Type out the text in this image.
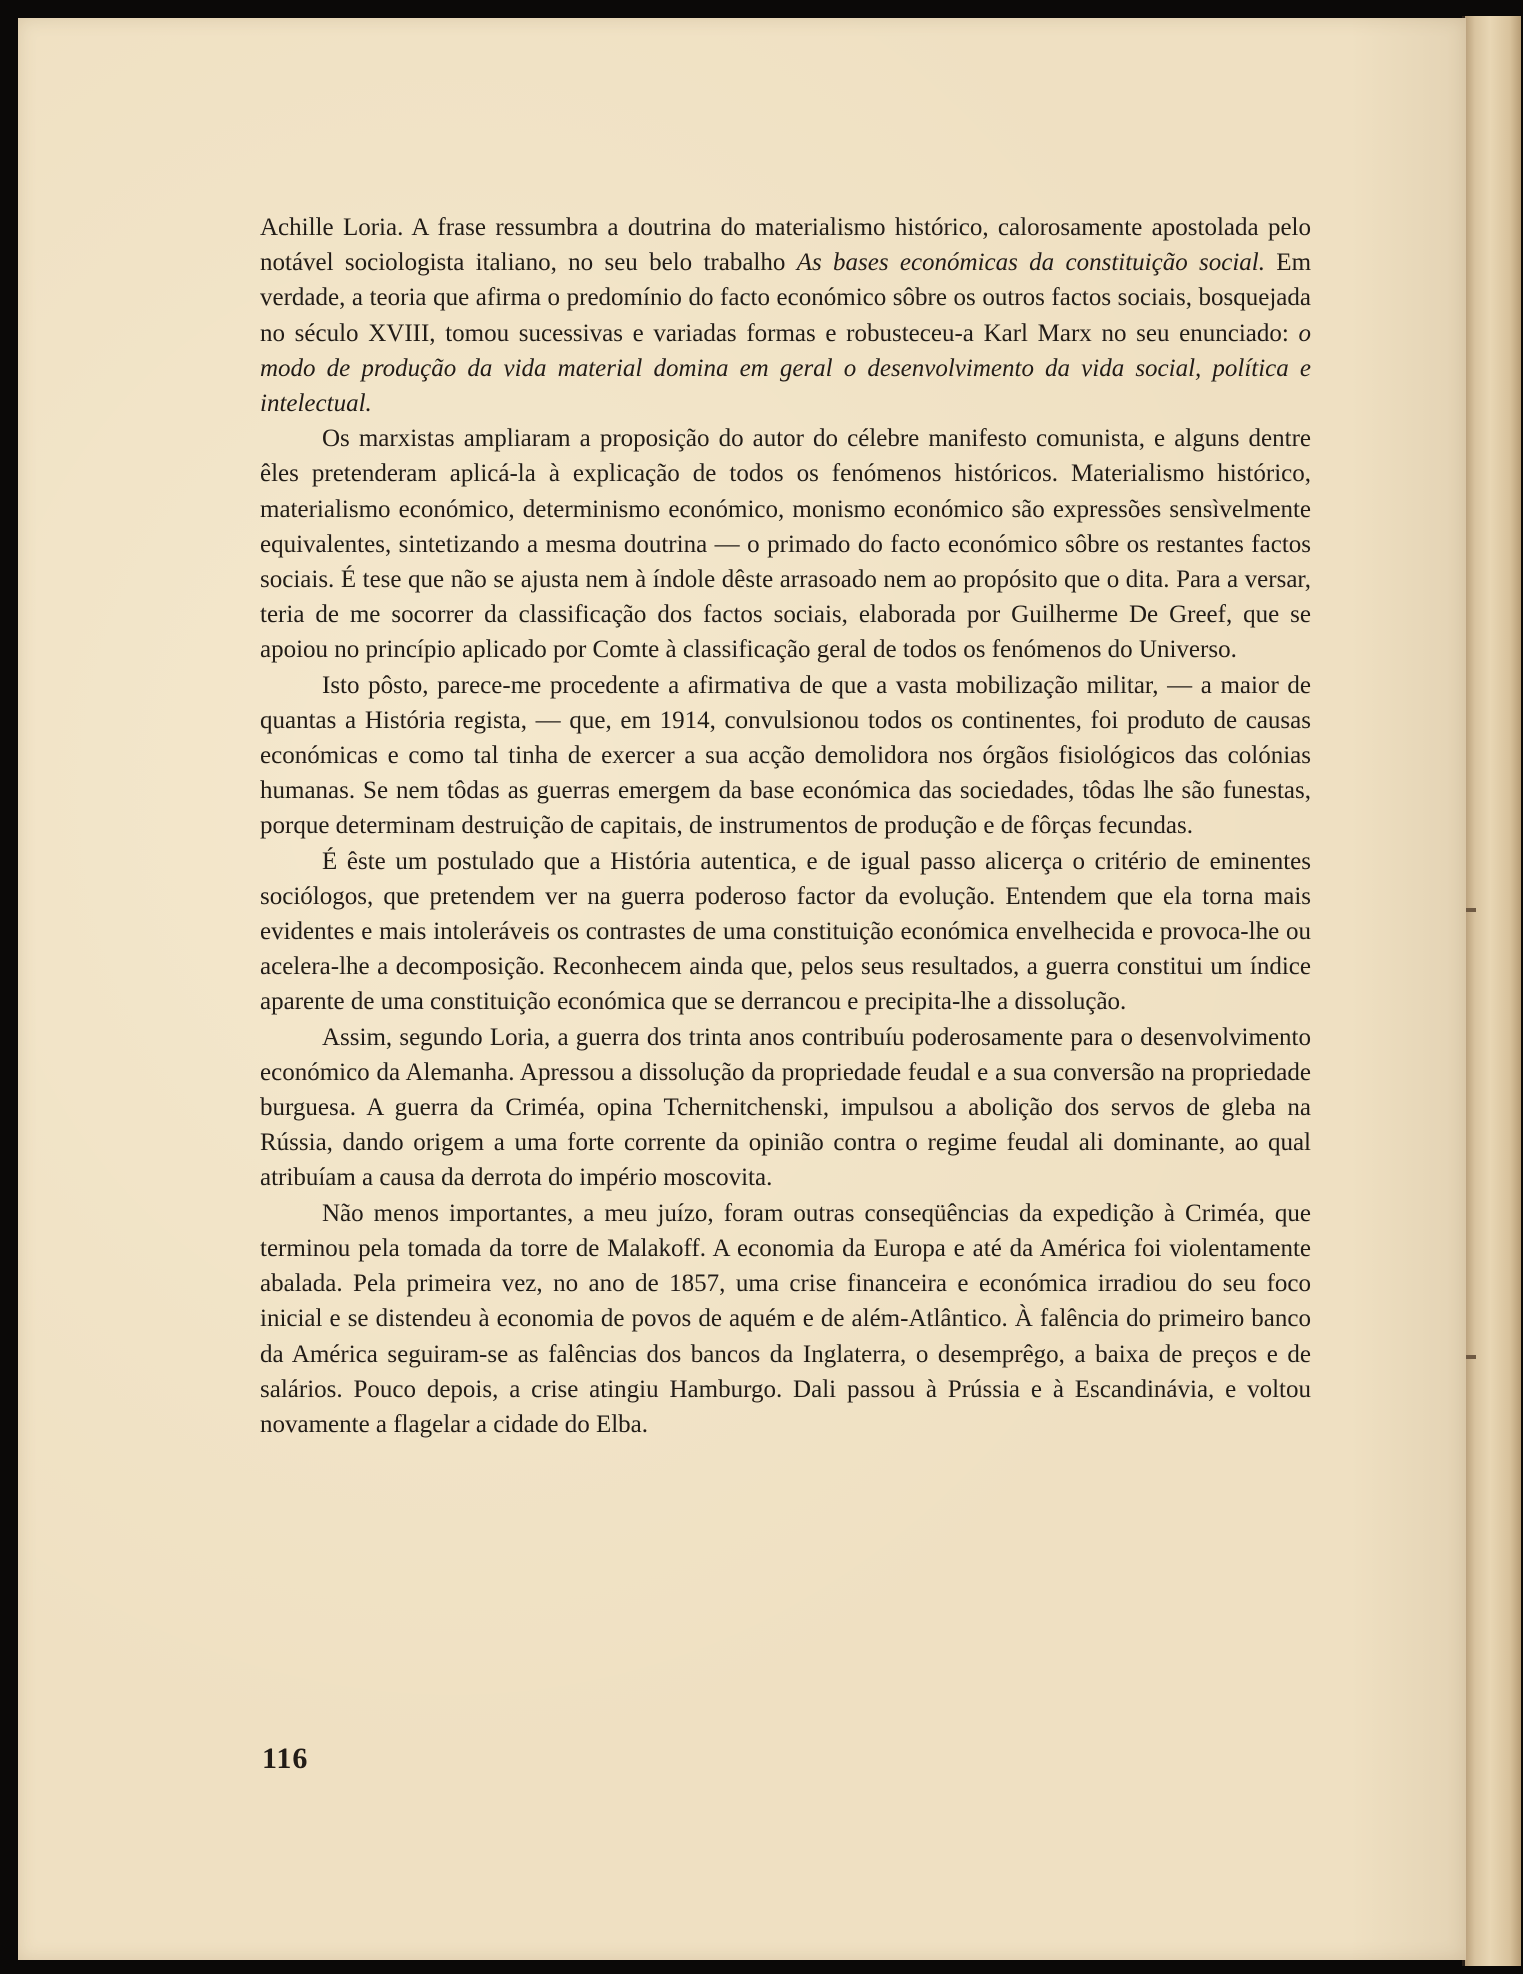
Achille Loria. A frase ressumbra a doutrina do materialismo histórico, calorosamente apostolada pelo notável sociologista italiano, no seu belo trabalho As bases económicas da constituição social. Em verdade, a teoria que afirma o predomínio do facto económico sôbre os outros factos sociais, bosquejada no século XVIII, tomou sucessivas e variadas formas e robusteceu-a Karl Marx no seu enunciado: o modo de produção da vida material domina em geral o desenvolvimento da vida social, política e intelectual.

Os marxistas ampliaram a proposição do autor do célebre manifesto comunista, e alguns dentre êles pretenderam aplicá-la à explicação de todos os fenómenos históricos. Materialismo histórico, materialismo económico, determinismo económico, monismo económico são expressões sensìvelmente equivalentes, sintetizando a mesma doutrina — o primado do facto económico sôbre os restantes factos sociais. É tese que não se ajusta nem à índole dêste arrasoado nem ao propósito que o dita. Para a versar, teria de me socorrer da classificação dos factos sociais, elaborada por Guilherme De Greef, que se apoiou no princípio aplicado por Comte à classificação geral de todos os fenómenos do Universo.

Isto pôsto, parece-me procedente a afirmativa de que a vasta mobilização militar, — a maior de quantas a História regista, — que, em 1914, convulsionou todos os continentes, foi produto de causas económicas e como tal tinha de exercer a sua acção demolidora nos órgãos fisiológicos das colónias humanas. Se nem tôdas as guerras emergem da base económica das sociedades, tôdas lhe são funestas, porque determinam destruição de capitais, de instrumentos de produção e de fôrças fecundas.

É êste um postulado que a História autentica, e de igual passo alicerça o critério de eminentes sociólogos, que pretendem ver na guerra poderoso factor da evolução. Entendem que ela torna mais evidentes e mais intoleráveis os contrastes de uma constituição económica envelhecida e provoca-lhe ou acelera-lhe a decomposição. Reconhecem ainda que, pelos seus resultados, a guerra constitui um índice aparente de uma constituição económica que se derrancou e precipita-lhe a dissolução.

Assim, segundo Loria, a guerra dos trinta anos contribuíu poderosamente para o desenvolvimento económico da Alemanha. Apressou a dissolução da propriedade feudal e a sua conversão na propriedade burguesa. A guerra da Criméa, opina Tchernitchenski, impulsou a abolição dos servos de gleba na Rússia, dando origem a uma forte corrente da opinião contra o regime feudal ali dominante, ao qual atribuíam a causa da derrota do império moscovita.

Não menos importantes, a meu juízo, foram outras conseqüências da expedição à Criméa, que terminou pela tomada da torre de Malakoff. A economia da Europa e até da América foi violentamente abalada. Pela primeira vez, no ano de 1857, uma crise financeira e económica irradiou do seu foco inicial e se distendeu à economia de povos de aquém e de além-Atlântico. À falência do primeiro banco da América seguiram-se as falências dos bancos da Inglaterra, o desemprêgo, a baixa de preços e de salários. Pouco depois, a crise atingiu Hamburgo. Dali passou à Prússia e à Escandinávia, e voltou novamente a flagelar a cidade do Elba.

116
